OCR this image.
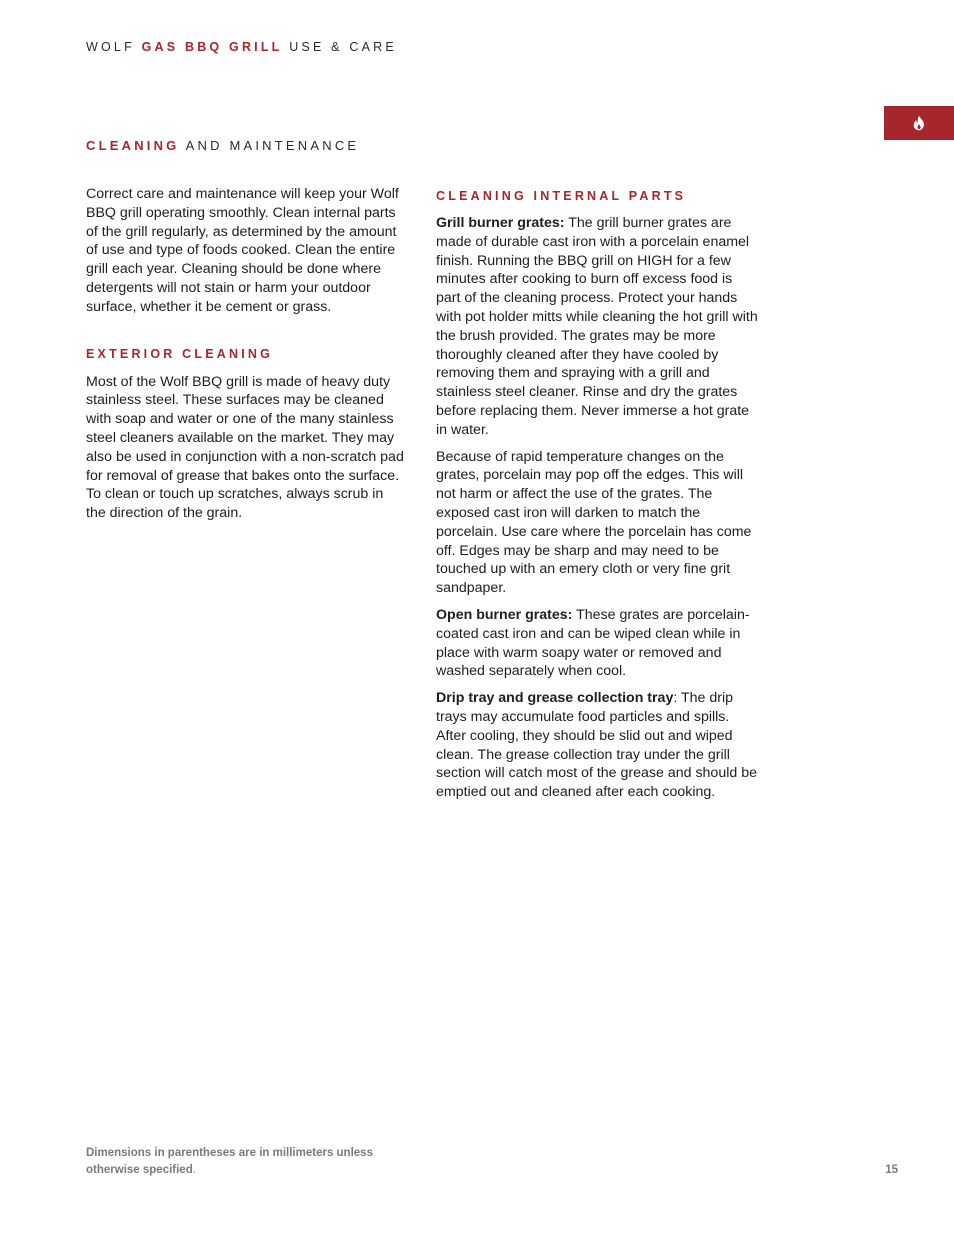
WOLF GAS BBQ GRILL USE & CARE
CLEANING AND MAINTENANCE

Correct care and maintenance will keep your Wolf BBQ grill operating smoothly. Clean internal parts of the grill regularly, as determined by the amount of use and type of foods cooked. Clean the entire grill each year. Cleaning should be done where detergents will not stain or harm your outdoor surface, whether it be cement or grass.

EXTERIOR CLEANING

Most of the Wolf BBQ grill is made of heavy duty stainless steel. These surfaces may be cleaned with soap and water or one of the many stainless steel cleaners available on the market. They may also be used in conjunction with a non-scratch pad for removal of grease that bakes onto the surface. To clean or touch up scratches, always scrub in the direction of the grain.

CLEANING INTERNAL PARTS

Grill burner grates: The grill burner grates are made of durable cast iron with a porcelain enamel finish. Running the BBQ grill on HIGH for a few minutes after cooking to burn off excess food is part of the cleaning process. Protect your hands with pot holder mitts while cleaning the hot grill with the brush provided. The grates may be more thoroughly cleaned after they have cooled by removing them and spraying with a grill and stainless steel cleaner. Rinse and dry the grates before replacing them. Never immerse a hot grate in water.

Because of rapid temperature changes on the grates, porcelain may pop off the edges. This will not harm or affect the use of the grates. The exposed cast iron will darken to match the porcelain. Use care where the porcelain has come off. Edges may be sharp and may need to be touched up with an emery cloth or very fine grit sandpaper.

Open burner grates: These grates are porcelain-coated cast iron and can be wiped clean while in place with warm soapy water or removed and washed separately when cool.

Drip tray and grease collection tray: The drip trays may accumulate food particles and spills. After cooling, they should be slid out and wiped clean. The grease collection tray under the grill section will catch most of the grease and should be emptied out and cleaned after each cooking.

Dimensions in parentheses are in millimeters unless otherwise specified.	15
